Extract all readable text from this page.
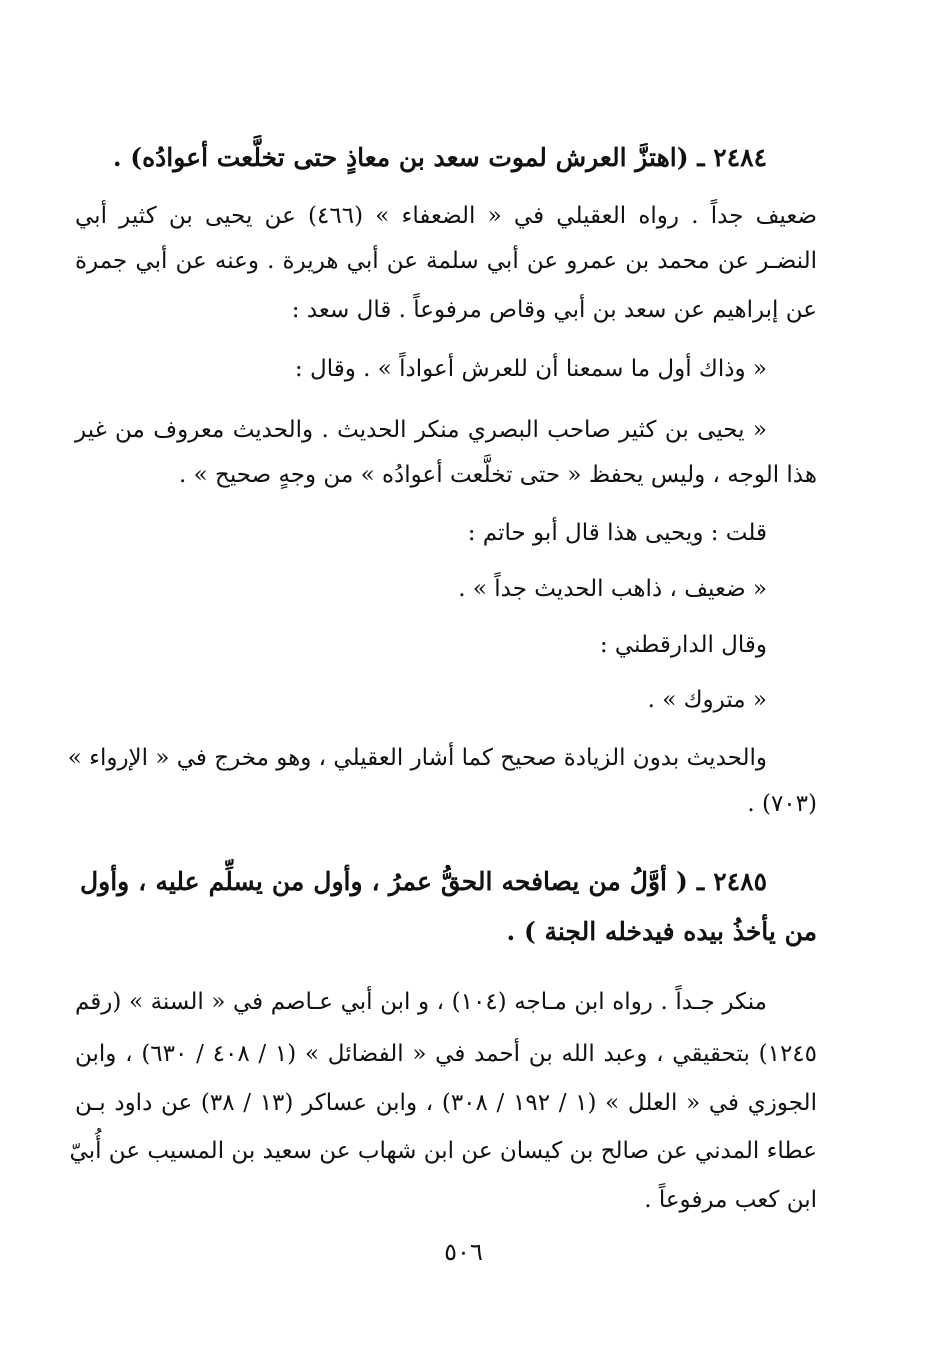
٢٤٨٤ ـ (اهتزَّ العرش لموت سعد بن معاذٍ حتى تخلَّعت أعوادُه) .
ضعيف جداً . رواه العقيلي في « الضعفاء » (٤٦٦) عن يحيى بن كثير أبي
النضـر عن محمد بن عمرو عن أبي سلمة عن أبي هريرة . وعنه عن أبي جمرة
عن إبراهيم عن سعد بن أبي وقاص مرفوعاً . قال سعد :
« وذاك أول ما سمعنا أن للعرش أعواداً » . وقال :
« يحيى بن كثير صاحب البصري منكر الحديث . والحديث معروف من غير
هذا الوجه ، وليس يحفظ « حتى تخلَّعت أعوادُه » من وجهٍ صحيح » .
قلت : ويحيى هذا قال أبو حاتم :
« ضعيف ، ذاهب الحديث جداً » .
وقال الدارقطني :
« متروك » .
والحديث بدون الزيادة صحيح كما أشار العقيلي ، وهو مخرج في « الإرواء »
(٧٠٣) .
٢٤٨٥ ـ ( أوَّلُ من يصافحه الحقُّ عمرُ ، وأول من يسلِّم عليه ، وأول
من يأخذُ بيده فيدخله الجنة ) .
منكر جـداً . رواه ابن مـاجه (١٠٤) ، و ابن أبي عـاصم في « السنة » (رقم
١٢٤٥) بتحقيقي ، وعبد الله بن أحمد في « الفضائل » (١ / ٤٠٨ / ٦٣٠) ، وابن
الجوزي في « العلل » (١ / ١٩٢ / ٣٠٨) ، وابن عساكر (١٣ / ٣٨) عن داود بـن
عطاء المدني عن صالح بن كيسان عن ابن شهاب عن سعيد بن المسيب عن أُبيّ
ابن كعب مرفوعاً .
٥٠٦
